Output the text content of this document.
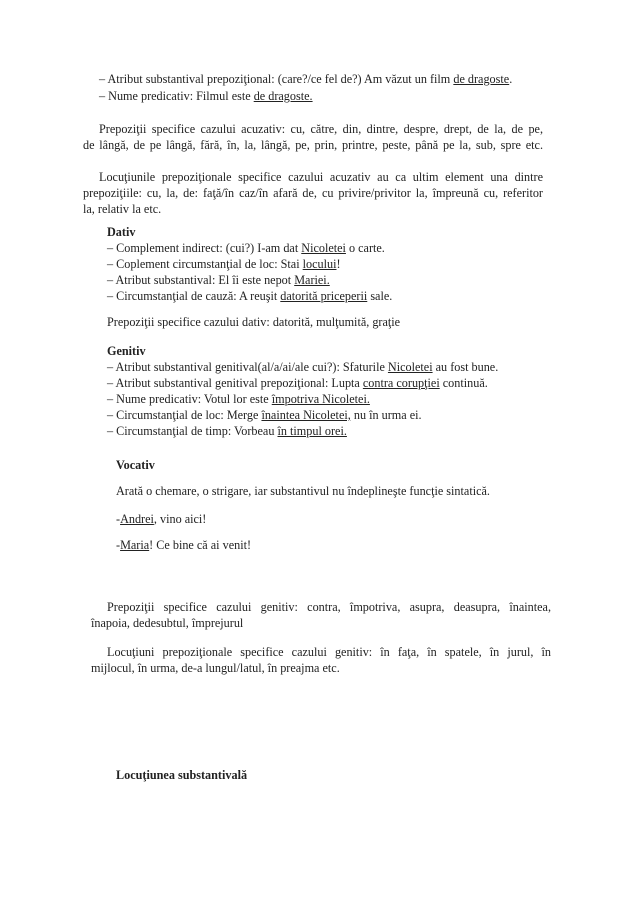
– Atribut substantival prepoziţional: (care?/ce fel de?) Am văzut un film de dragoste.
– Nume predicativ: Filmul este de dragoste.
Prepoziţii specifice cazului acuzativ: cu, către, din, dintre, despre, drept, de la, de pe,
de lângă, de pe lângă, fără, în, la, lângă, pe, prin, printre, peste, până pe la, sub, spre etc.
Locuţiunile prepoziţionale specifice cazului acuzativ au ca ultim element una dintre
prepoziţiile: cu, la, de: faţă/în caz/în afară de, cu privire/privitor la, împreună cu, referitor
la, relativ la etc.
Dativ
– Complement indirect: (cui?) I-am dat Nicoletei o carte.
– Coplement circumstanţial de loc: Stai locului!
– Atribut substantival: El îi este nepot Mariei.
– Circumstanţial de cauză: A reuşit datorită priceperii sale.
Prepoziţii specifice cazului dativ: datorită, mulţumită, graţie
Genitiv
– Atribut substantival genitival(al/a/ai/ale cui?): Sfaturile Nicoletei au fost bune.
– Atribut substantival genitival prepoziţional: Lupta contra corupţiei continuă.
– Nume predicativ: Votul lor este împotriva Nicoletei.
– Circumstanţial de loc: Merge înaintea Nicoletei, nu în urma ei.
– Circumstanţial de timp: Vorbeau în timpul orei.
Vocativ
Arată o chemare, o strigare, iar substantivul nu îndeplineşte funcţie sintatică.
-Andrei, vino aici!
-Maria! Ce bine că ai venit!
Prepoziţii specifice cazului genitiv: contra, împotriva, asupra, deasupra, înaintea,
înapoia, dedesubtul, împrejurul
Locuţiuni prepoziţionale specifice cazului genitiv: în faţa, în spatele, în jurul, în
mijlocul, în urma, de-a lungul/latul, în preajma etc.
Locuţiunea substantivală
